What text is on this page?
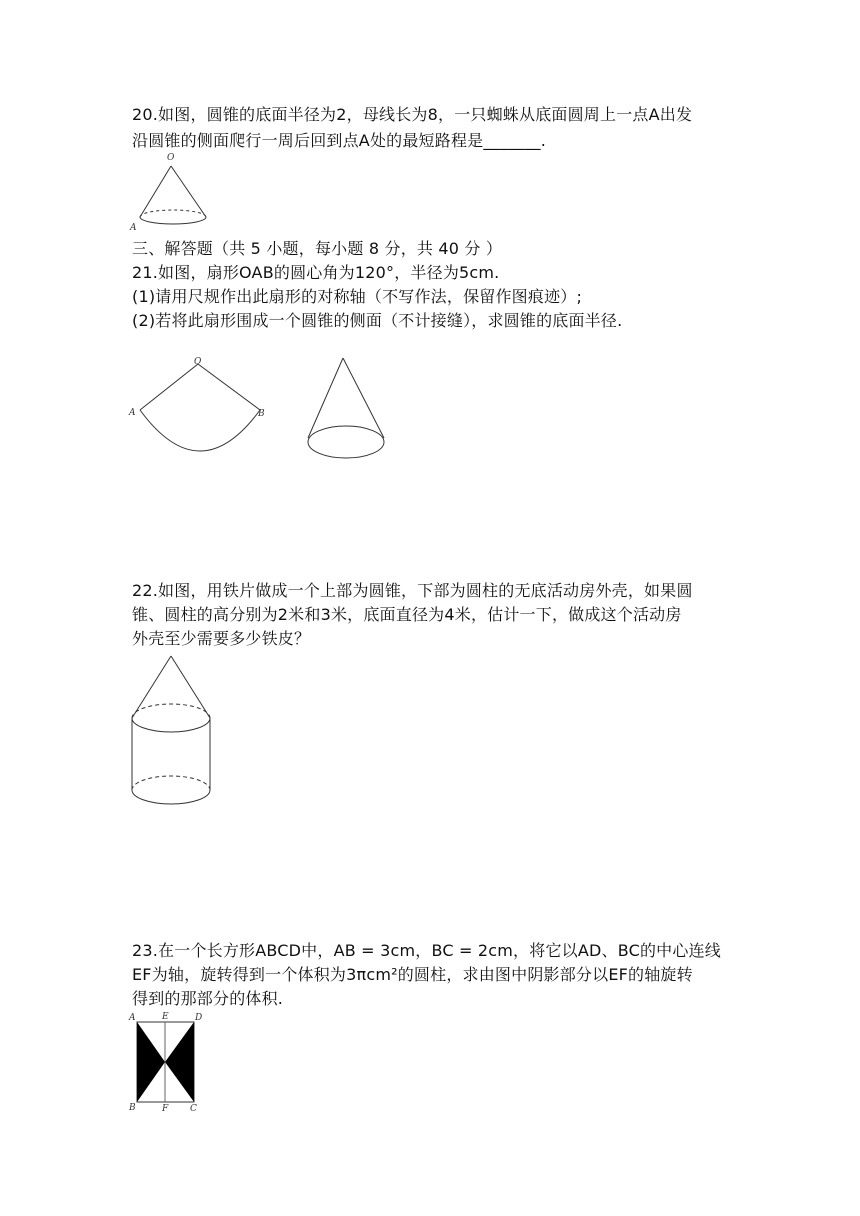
20.如图，圆锥的底面半径为2，母线长为8，一只蜘蛛从底面圆周上一点A出发
沿圆锥的侧面爬行一周后回到点A处的最短路程是_______.
O
A
三、解答题（共 5 小题，每小题 8 分，共 40 分 ）
21.如图，扇形OAB的圆心角为120°，半径为5cm.
(1)请用尺规作出此扇形的对称轴（不写作法，保留作图痕迹）;
(2)若将此扇形围成一个圆锥的侧面（不计接缝），求圆锥的底面半径.
O
A	B
22.如图，用铁片做成一个上部为圆锥，下部为圆柱的无底活动房外壳，如果圆
锥、圆柱的高分别为2米和3米，底面直径为4米，估计一下，做成这个活动房
外壳至少需要多少铁皮？
23.在一个长方形ABCD中，AB = 3cm，BC = 2cm，将它以AD、BC的中心连线
EF为轴，旋转得到一个体积为3πcm²的圆柱，求由图中阴影部分以EF的轴旋转
得到的那部分的体积.
A	E	D
B	F C
